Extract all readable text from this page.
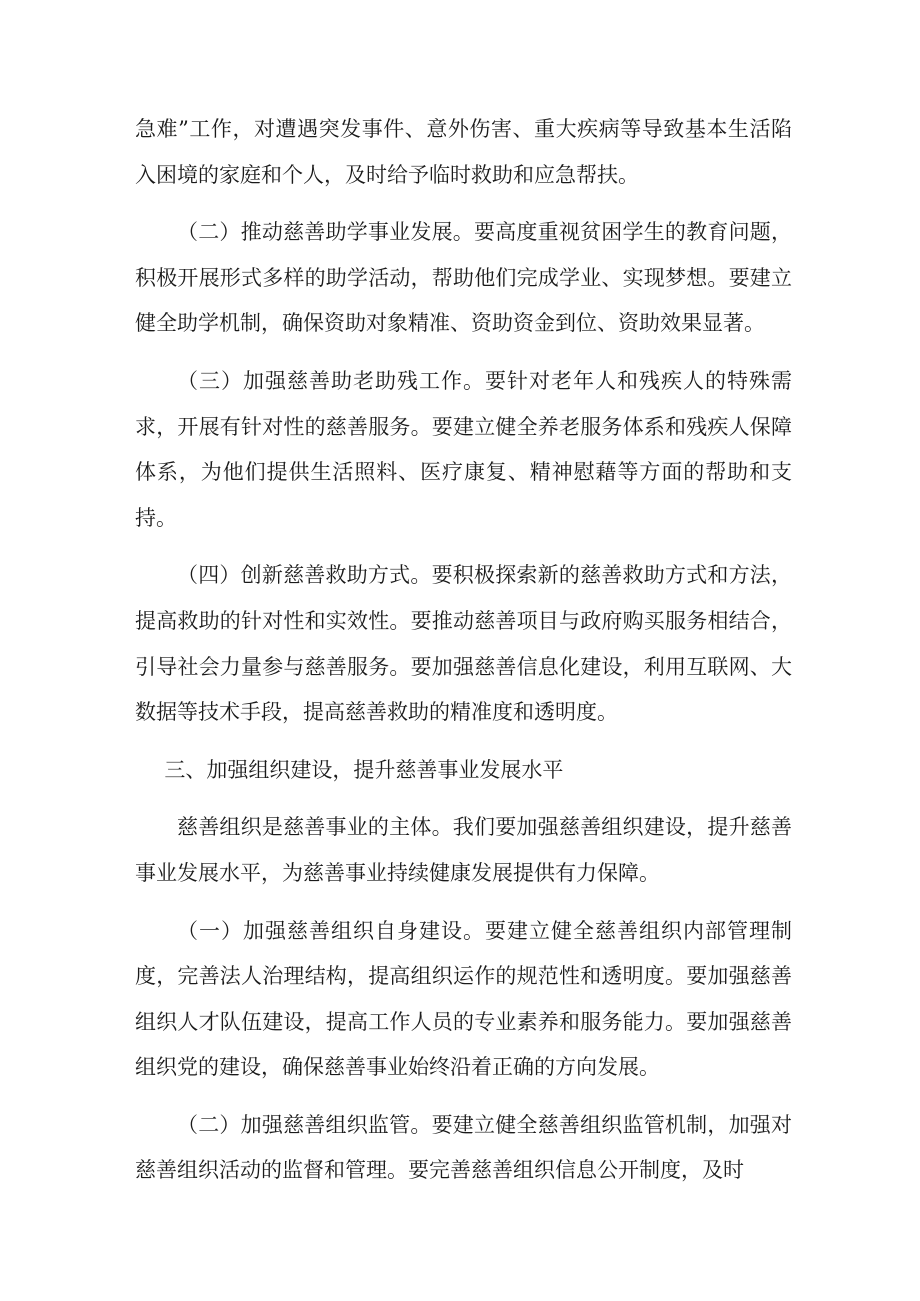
急难”工作，对遭遇突发事件、意外伤害、重大疾病等导致基本生活陷入困境的家庭和个人，及时给予临时救助和应急帮扶。

（二）推动慈善助学事业发展。要高度重视贫困学生的教育问题，积极开展形式多样的助学活动，帮助他们完成学业、实现梦想。要建立健全助学机制，确保资助对象精准、资助资金到位、资助效果显著。

（三）加强慈善助老助残工作。要针对老年人和残疾人的特殊需求，开展有针对性的慈善服务。要建立健全养老服务体系和残疾人保障体系，为他们提供生活照料、医疗康复、精神慰藉等方面的帮助和支持。

（四）创新慈善救助方式。要积极探索新的慈善救助方式和方法，提高救助的针对性和实效性。要推动慈善项目与政府购买服务相结合，引导社会力量参与慈善服务。要加强慈善信息化建设，利用互联网、大数据等技术手段，提高慈善救助的精准度和透明度。

三、加强组织建设，提升慈善事业发展水平

慈善组织是慈善事业的主体。我们要加强慈善组织建设，提升慈善事业发展水平，为慈善事业持续健康发展提供有力保障。

（一）加强慈善组织自身建设。要建立健全慈善组织内部管理制度，完善法人治理结构，提高组织运作的规范性和透明度。要加强慈善组织人才队伍建设，提高工作人员的专业素养和服务能力。要加强慈善组织党的建设，确保慈善事业始终沿着正确的方向发展。

（二）加强慈善组织监管。要建立健全慈善组织监管机制，加强对慈善组织活动的监督和管理。要完善慈善组织信息公开制度，及时
